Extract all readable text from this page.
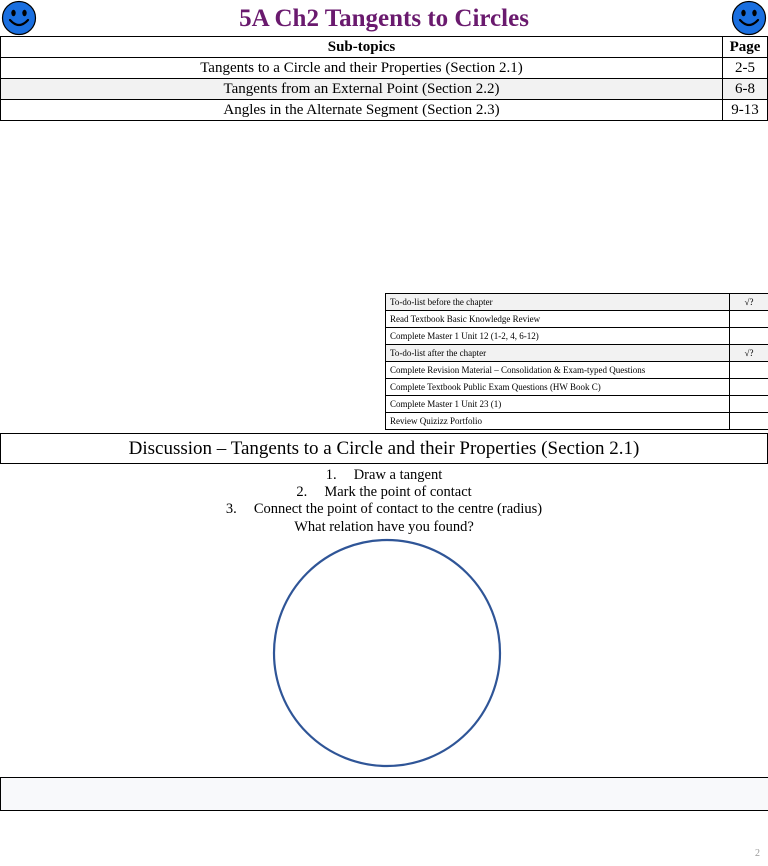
5A Ch2 Tangents to Circles
Sub-topics	Page
Tangents to a Circle and their Properties (Section 2.1)	2-5
Tangents from an External Point (Section 2.2)	6-8
Angles in the Alternate Segment (Section 2.3)	9-13
To-do-list before the chapter	√?
Read Textbook Basic Knowledge Review	
Complete Master 1 Unit 12 (1-2, 4, 6-12)	
To-do-list after the chapter	√?
Complete Revision Material – Consolidation & Exam-typed Questions	
Complete Textbook Public Exam Questions (HW Book C)	
Complete Master 1 Unit 23 (1)	
Review Quizizz Portfolio	
Discussion – Tangents to a Circle and their Properties (Section 2.1)
1. Draw a tangent
2. Mark the point of contact
3. Connect the point of contact to the centre (radius)
What relation have you found?
2
